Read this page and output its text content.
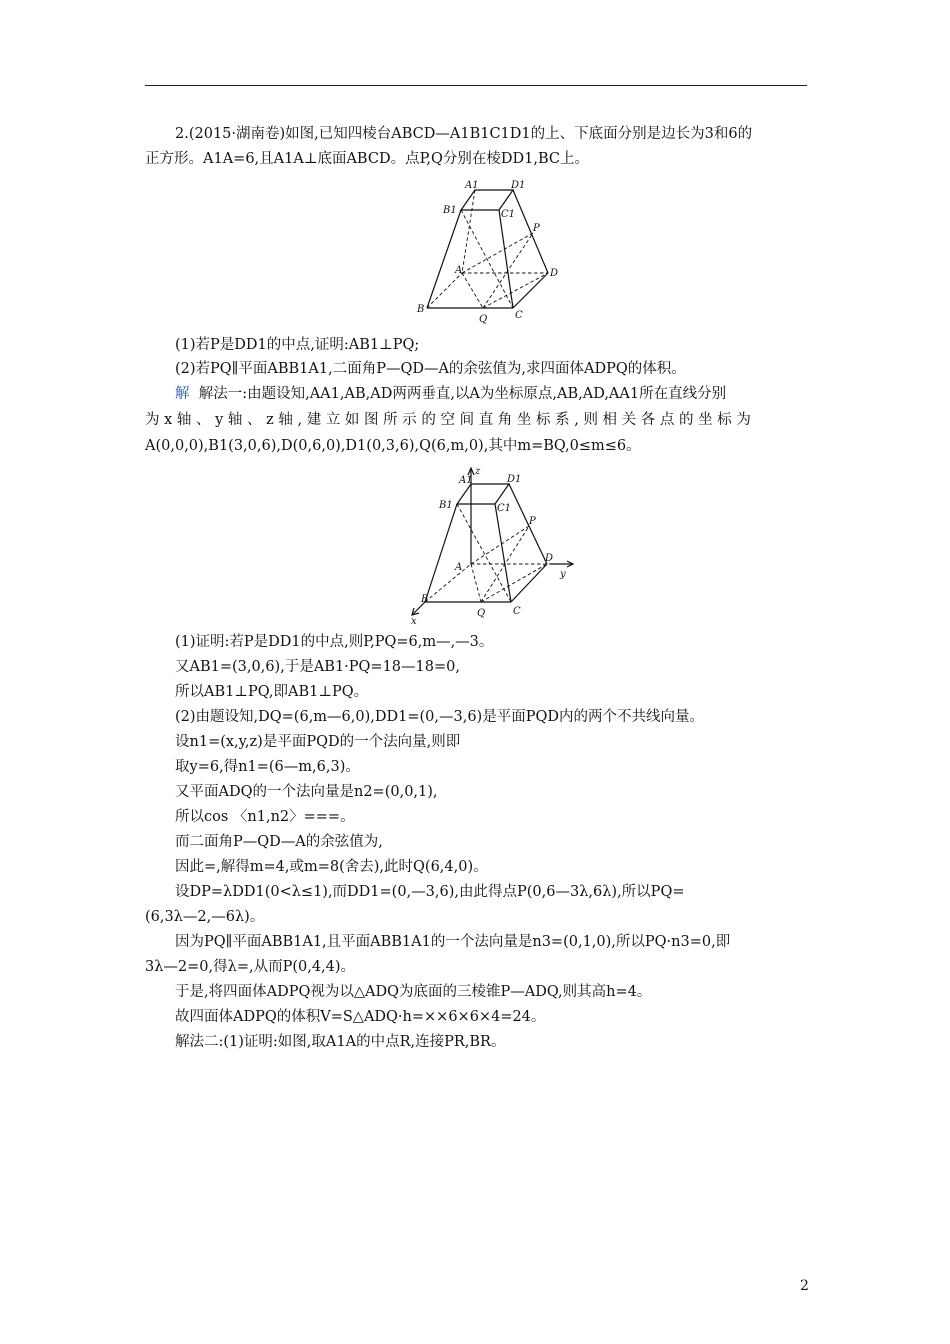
2.(2015·湖南卷)如图,已知四棱台ABCD—A1B1C1D1的上、下底面分别是边长为3和6的
正方形。A1A=6,且A1A⊥底面ABCD。点P,Q分别在棱DD1,BC上。
A1	D1
B1	C1
P
A	D
B
Q	C
(1)若P是DD1的中点,证明:AB1⊥PQ;
(2)若PQ∥平面ABB1A1,二面角P—QD—A的余弦值为,求四面体ADPQ的体积。
解 解法一:由题设知,AA1,AB,AD两两垂直,以A为坐标原点,AB,AD,AA1所在直线分别
为 x 轴 、 y 轴 、 z 轴 , 建 立 如 图 所 示 的 空 间 直 角 坐 标 系 , 则 相 关 各 点 的 坐 标 为
A(0,0,0),B1(3,0,6),D(0,6,0),D1(0,3,6),Q(6,m,0),其中m=BQ,0≤m≤6。
z
y
x
A1	D1
B1	C1
P
A
D
B
Q	C
(1)证明:若P是DD1的中点,则P,PQ=6,m—,—3。
又AB1=(3,0,6),于是AB1·PQ=18—18=0,
所以AB1⊥PQ,即AB1⊥PQ。
(2)由题设知,DQ=(6,m—6,0),DD1=(0,—3,6)是平面PQD内的两个不共线向量。
设n1=(x,y,z)是平面PQD的一个法向量,则即
取y=6,得n1=(6—m,6,3)。
又平面ADQ的一个法向量是n2=(0,0,1),
所以cos 〈n1,n2〉===。
而二面角P—QD—A的余弦值为,
因此=,解得m=4,或m=8(舍去),此时Q(6,4,0)。
设DP=λDD1(0<λ≤1),而DD1=(0,—3,6),由此得点P(0,6—3λ,6λ),所以PQ=
(6,3λ—2,—6λ)。
因为PQ∥平面ABB1A1,且平面ABB1A1的一个法向量是n3=(0,1,0),所以PQ·n3=0,即
3λ—2=0,得λ=,从而P(0,4,4)。
于是,将四面体ADPQ视为以△ADQ为底面的三棱锥P—ADQ,则其高h=4。
故四面体ADPQ的体积V=S△ADQ·h=××6×6×4=24。
解法二:(1)证明:如图,取A1A的中点R,连接PR,BR。
2
